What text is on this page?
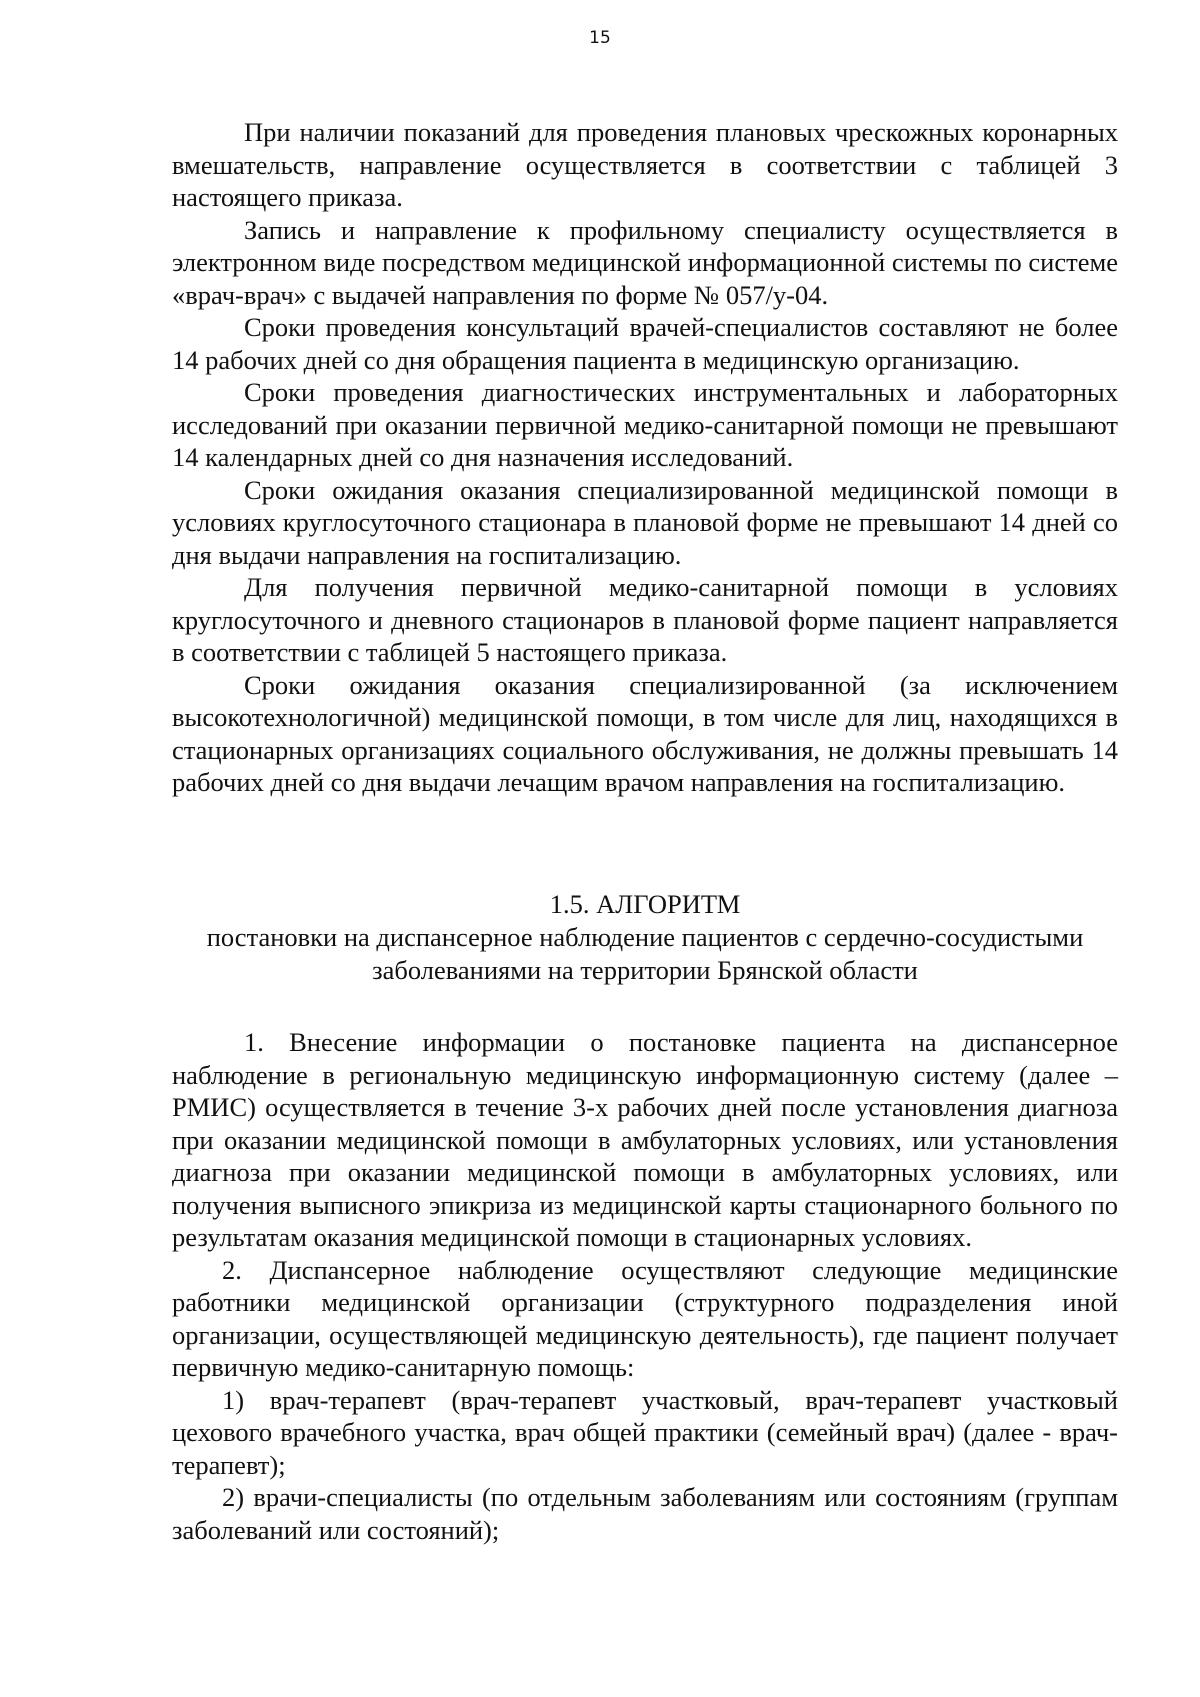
15

При наличии показаний для проведения плановых чрескожных коронарных вмешательств, направление осуществляется в соответствии с таблицей 3 настоящего приказа.

Запись и направление к профильному специалисту осуществляется в электронном виде посредством медицинской информационной системы по системе «врач-врач» с выдачей направления по форме № 057/у-04.

Сроки проведения консультаций врачей-специалистов составляют не более 14 рабочих дней со дня обращения пациента в медицинскую организацию.

Сроки проведения диагностических инструментальных и лабораторных исследований при оказании первичной медико-санитарной помощи не превышают 14 календарных дней со дня назначения исследований.

Сроки ожидания оказания специализированной медицинской помощи в условиях круглосуточного стационара в плановой форме не превышают 14 дней со дня выдачи направления на госпитализацию.

Для получения первичной медико-санитарной помощи в условиях круглосуточного и дневного стационаров в плановой форме пациент направляется в соответствии с таблицей 5 настоящего приказа.

Сроки ожидания оказания специализированной (за исключением высокотехнологичной) медицинской помощи, в том числе для лиц, находящихся в стационарных организациях социального обслуживания, не должны превышать 14 рабочих дней со дня выдачи лечащим врачом направления на госпитализацию.

1.5. АЛГОРИТМ

постановки на диспансерное наблюдение пациентов с сердечно-сосудистыми

заболеваниями на территории Брянской области

1. Внесение информации о постановке пациента на диспансерное наблюдение в региональную медицинскую информационную систему (далее – РМИС) осуществляется в течение 3-х рабочих дней после установления диагноза при оказании медицинской помощи в амбулаторных условиях, или установления диагноза при оказании медицинской помощи в амбулаторных условиях, или получения выписного эпикриза из медицинской карты стационарного больного по результатам оказания медицинской помощи в стационарных условиях.

2. Диспансерное наблюдение осуществляют следующие медицинские работники медицинской организации (структурного подразделения иной организации, осуществляющей медицинскую деятельность), где пациент получает первичную медико-санитарную помощь:

1) врач-терапевт (врач-терапевт участковый, врач-терапевт участковый цехового врачебного участка, врач общей практики (семейный врач) (далее - врач-терапевт);

2) врачи-специалисты (по отдельным заболеваниям или состояниям (группам заболеваний или состояний);
